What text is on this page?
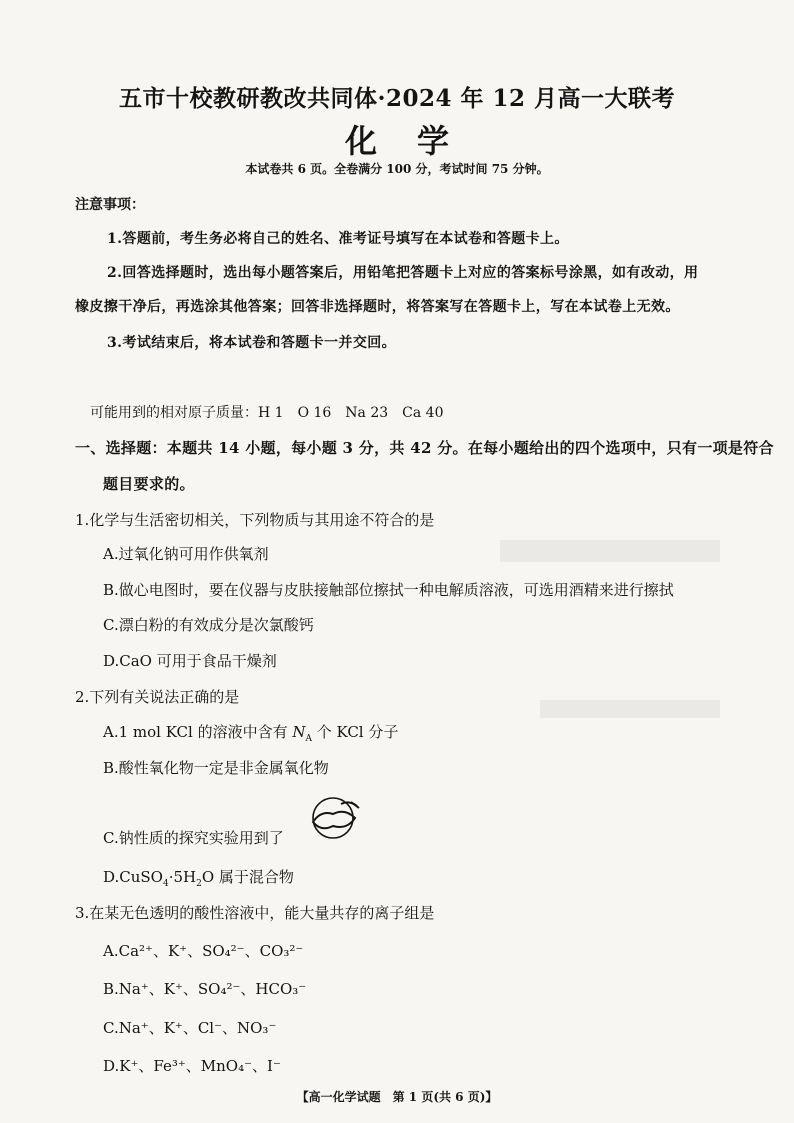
五市十校教研教改共同体·2024 年 12 月高一大联考
化学
本试卷共 6 页。全卷满分 100 分，考试时间 75 分钟。
注意事项：
1.答题前，考生务必将自己的姓名、准考证号填写在本试卷和答题卡上。
2.回答选择题时，选出每小题答案后，用铅笔把答题卡上对应的答案标号涂黑，如有改动，用
橡皮擦干净后，再选涂其他答案；回答非选择题时，将答案写在答题卡上，写在本试卷上无效。
3.考试结束后，将本试卷和答题卡一并交回。
可能用到的相对原子质量：H 1　O 16　Na 23　Ca 40
一、选择题：本题共 14 小题，每小题 3 分，共 42 分。在每小题给出的四个选项中，只有一项是符合
题目要求的。
1.化学与生活密切相关，下列物质与其用途不符合的是
A.过氧化钠可用作供氧剂
B.做心电图时，要在仪器与皮肤接触部位擦拭一种电解质溶液，可选用酒精来进行擦拭
C.漂白粉的有效成分是次氯酸钙
D.CaO 可用于食品干燥剂
2.下列有关说法正确的是
A.1 mol KCl 的溶液中含有 $N_A$ 个 KCl 分子
B.酸性氧化物一定是非金属氧化物
C.钠性质的探究实验用到了
$D.CuSO_4\cdot 5H_2O$ 属于混合物
3.在某无色透明的酸性溶液中，能大量共存的离子组是
A.Ca²⁺、K⁺、SO₄²⁻、CO₃²⁻
B.Na⁺、K⁺、SO₄²⁻、HCO₃⁻
C.Na⁺、K⁺、Cl⁻、NO₃⁻
D.K⁺、Fe³⁺、MnO₄⁻、I⁻
【高一化学试题　第 1 页(共 6 页)】
